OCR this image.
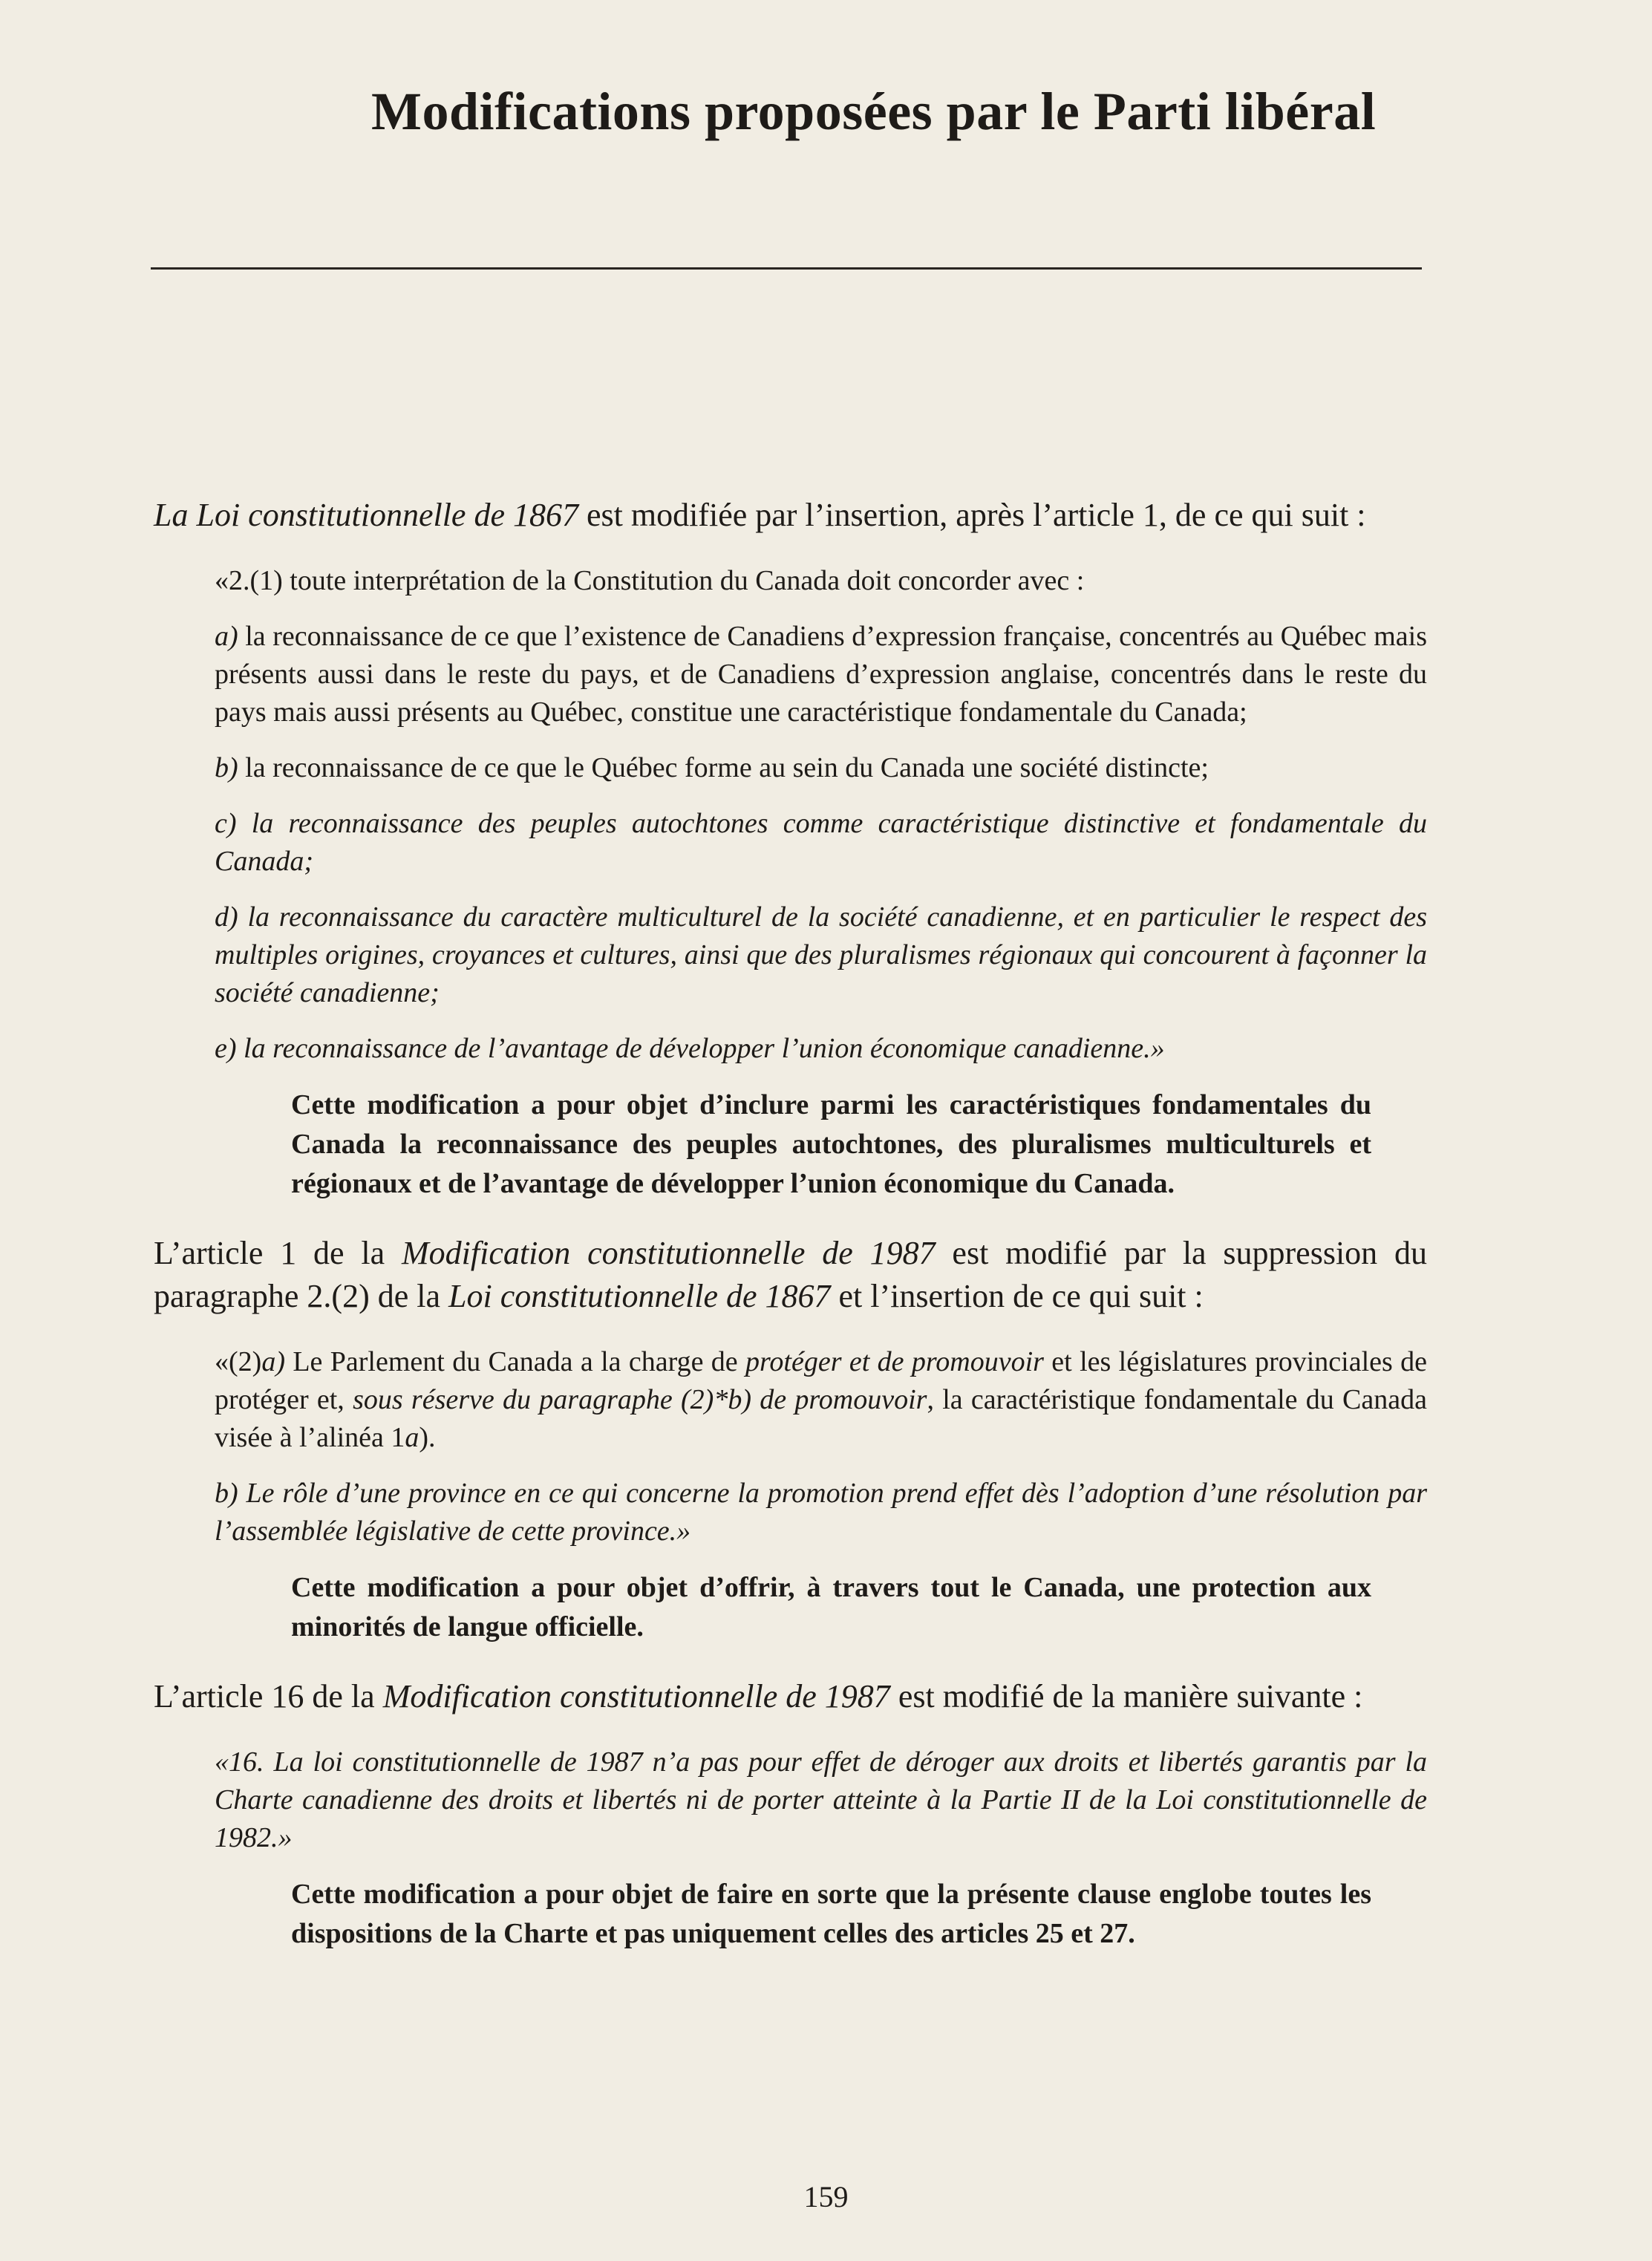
Modifications proposées par le Parti libéral

La Loi constitutionnelle de 1867 est modifiée par l’insertion, après l’article 1, de ce qui suit :

«2.(1) toute interprétation de la Constitution du Canada doit concorder avec :

a) la reconnaissance de ce que l’existence de Canadiens d’expression française, concentrés au Québec mais présents aussi dans le reste du pays, et de Canadiens d’expression anglaise, concentrés dans le reste du pays mais aussi présents au Québec, constitue une caractéristique fondamentale du Canada;

b) la reconnaissance de ce que le Québec forme au sein du Canada une société distincte;

c) la reconnaissance des peuples autochtones comme caractéristique distinctive et fondamentale du Canada;

d) la reconnaissance du caractère multiculturel de la société canadienne, et en particulier le respect des multiples origines, croyances et cultures, ainsi que des pluralismes régionaux qui concourent à façonner la société canadienne;

e) la reconnaissance de l’avantage de développer l’union économique canadienne.»

Cette modification a pour objet d’inclure parmi les caractéristiques fondamentales du Canada la reconnaissance des peuples autochtones, des pluralismes multiculturels et régionaux et de l’avantage de développer l’union économique du Canada.

L’article 1 de la Modification constitutionnelle de 1987 est modifié par la suppression du paragraphe 2.(2) de la Loi constitutionnelle de 1867 et l’insertion de ce qui suit :

«(2)a) Le Parlement du Canada a la charge de protéger et de promouvoir et les législatures provinciales de protéger et, sous réserve du paragraphe (2)*b) de promouvoir, la caractéristique fondamentale du Canada visée à l’alinéa 1a).

b) Le rôle d’une province en ce qui concerne la promotion prend effet dès l’adoption d’une résolution par l’assemblée législative de cette province.»

Cette modification a pour objet d’offrir, à travers tout le Canada, une protection aux minorités de langue officielle.

L’article 16 de la Modification constitutionnelle de 1987 est modifié de la manière suivante :

«16. La loi constitutionnelle de 1987 n’a pas pour effet de déroger aux droits et libertés garantis par la Charte canadienne des droits et libertés ni de porter atteinte à la Partie II de la Loi constitutionnelle de 1982.»

Cette modification a pour objet de faire en sorte que la présente clause englobe toutes les dispositions de la Charte et pas uniquement celles des articles 25 et 27.

159
